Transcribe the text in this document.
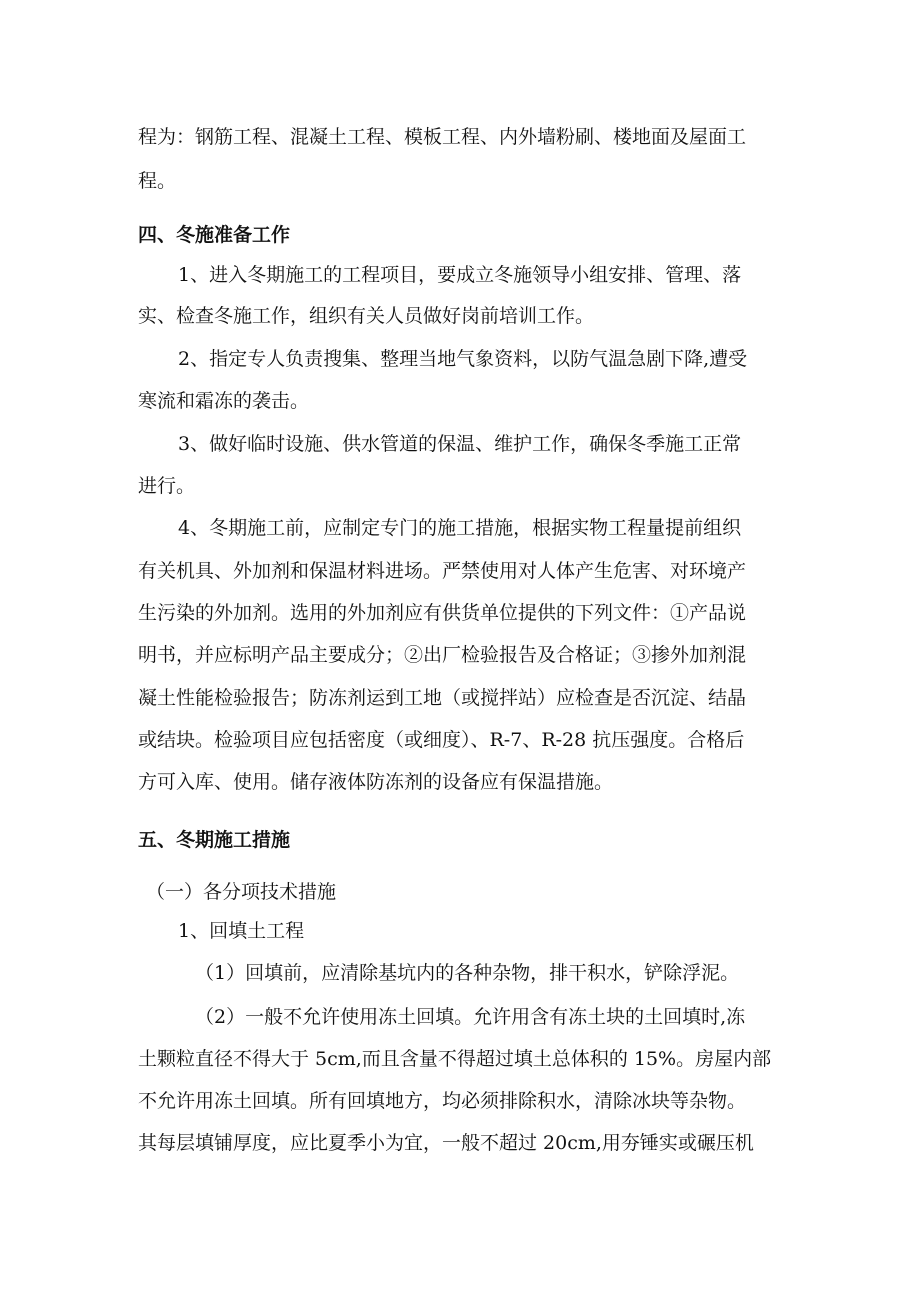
程为：钢筋工程、混凝土工程、模板工程、内外墙粉刷、楼地面及屋面工
程。
四、冬施准备工作
1、进入冬期施工的工程项目，要成立冬施领导小组安排、管理、落
实、检查冬施工作，组织有关人员做好岗前培训工作。
2、指定专人负责搜集、整理当地气象资料，以防气温急剧下降,遭受
寒流和霜冻的袭击。
3、做好临时设施、供水管道的保温、维护工作，确保冬季施工正常
进行。
4、冬期施工前，应制定专门的施工措施，根据实物工程量提前组织
有关机具、外加剂和保温材料进场。严禁使用对人体产生危害、对环境产
生污染的外加剂。选用的外加剂应有供货单位提供的下列文件：①产品说
明书，并应标明产品主要成分；②出厂检验报告及合格证；③掺外加剂混
凝土性能检验报告；防冻剂运到工地（或搅拌站）应检查是否沉淀、结晶
或结块。检验项目应包括密度（或细度）、R-7、R-28 抗压强度。合格后
方可入库、使用。储存液体防冻剂的设备应有保温措施。
五、冬期施工措施
（一）各分项技术措施
1、回填土工程
（1）回填前，应清除基坑内的各种杂物，排干积水，铲除浮泥。
（2）一般不允许使用冻土回填。允许用含有冻土块的土回填时,冻
土颗粒直径不得大于 5cm,而且含量不得超过填土总体积的 15%。房屋内部
不允许用冻土回填。所有回填地方，均必须排除积水，清除冰块等杂物。
其每层填铺厚度，应比夏季小为宜，一般不超过 20cm,用夯锤实或碾压机
